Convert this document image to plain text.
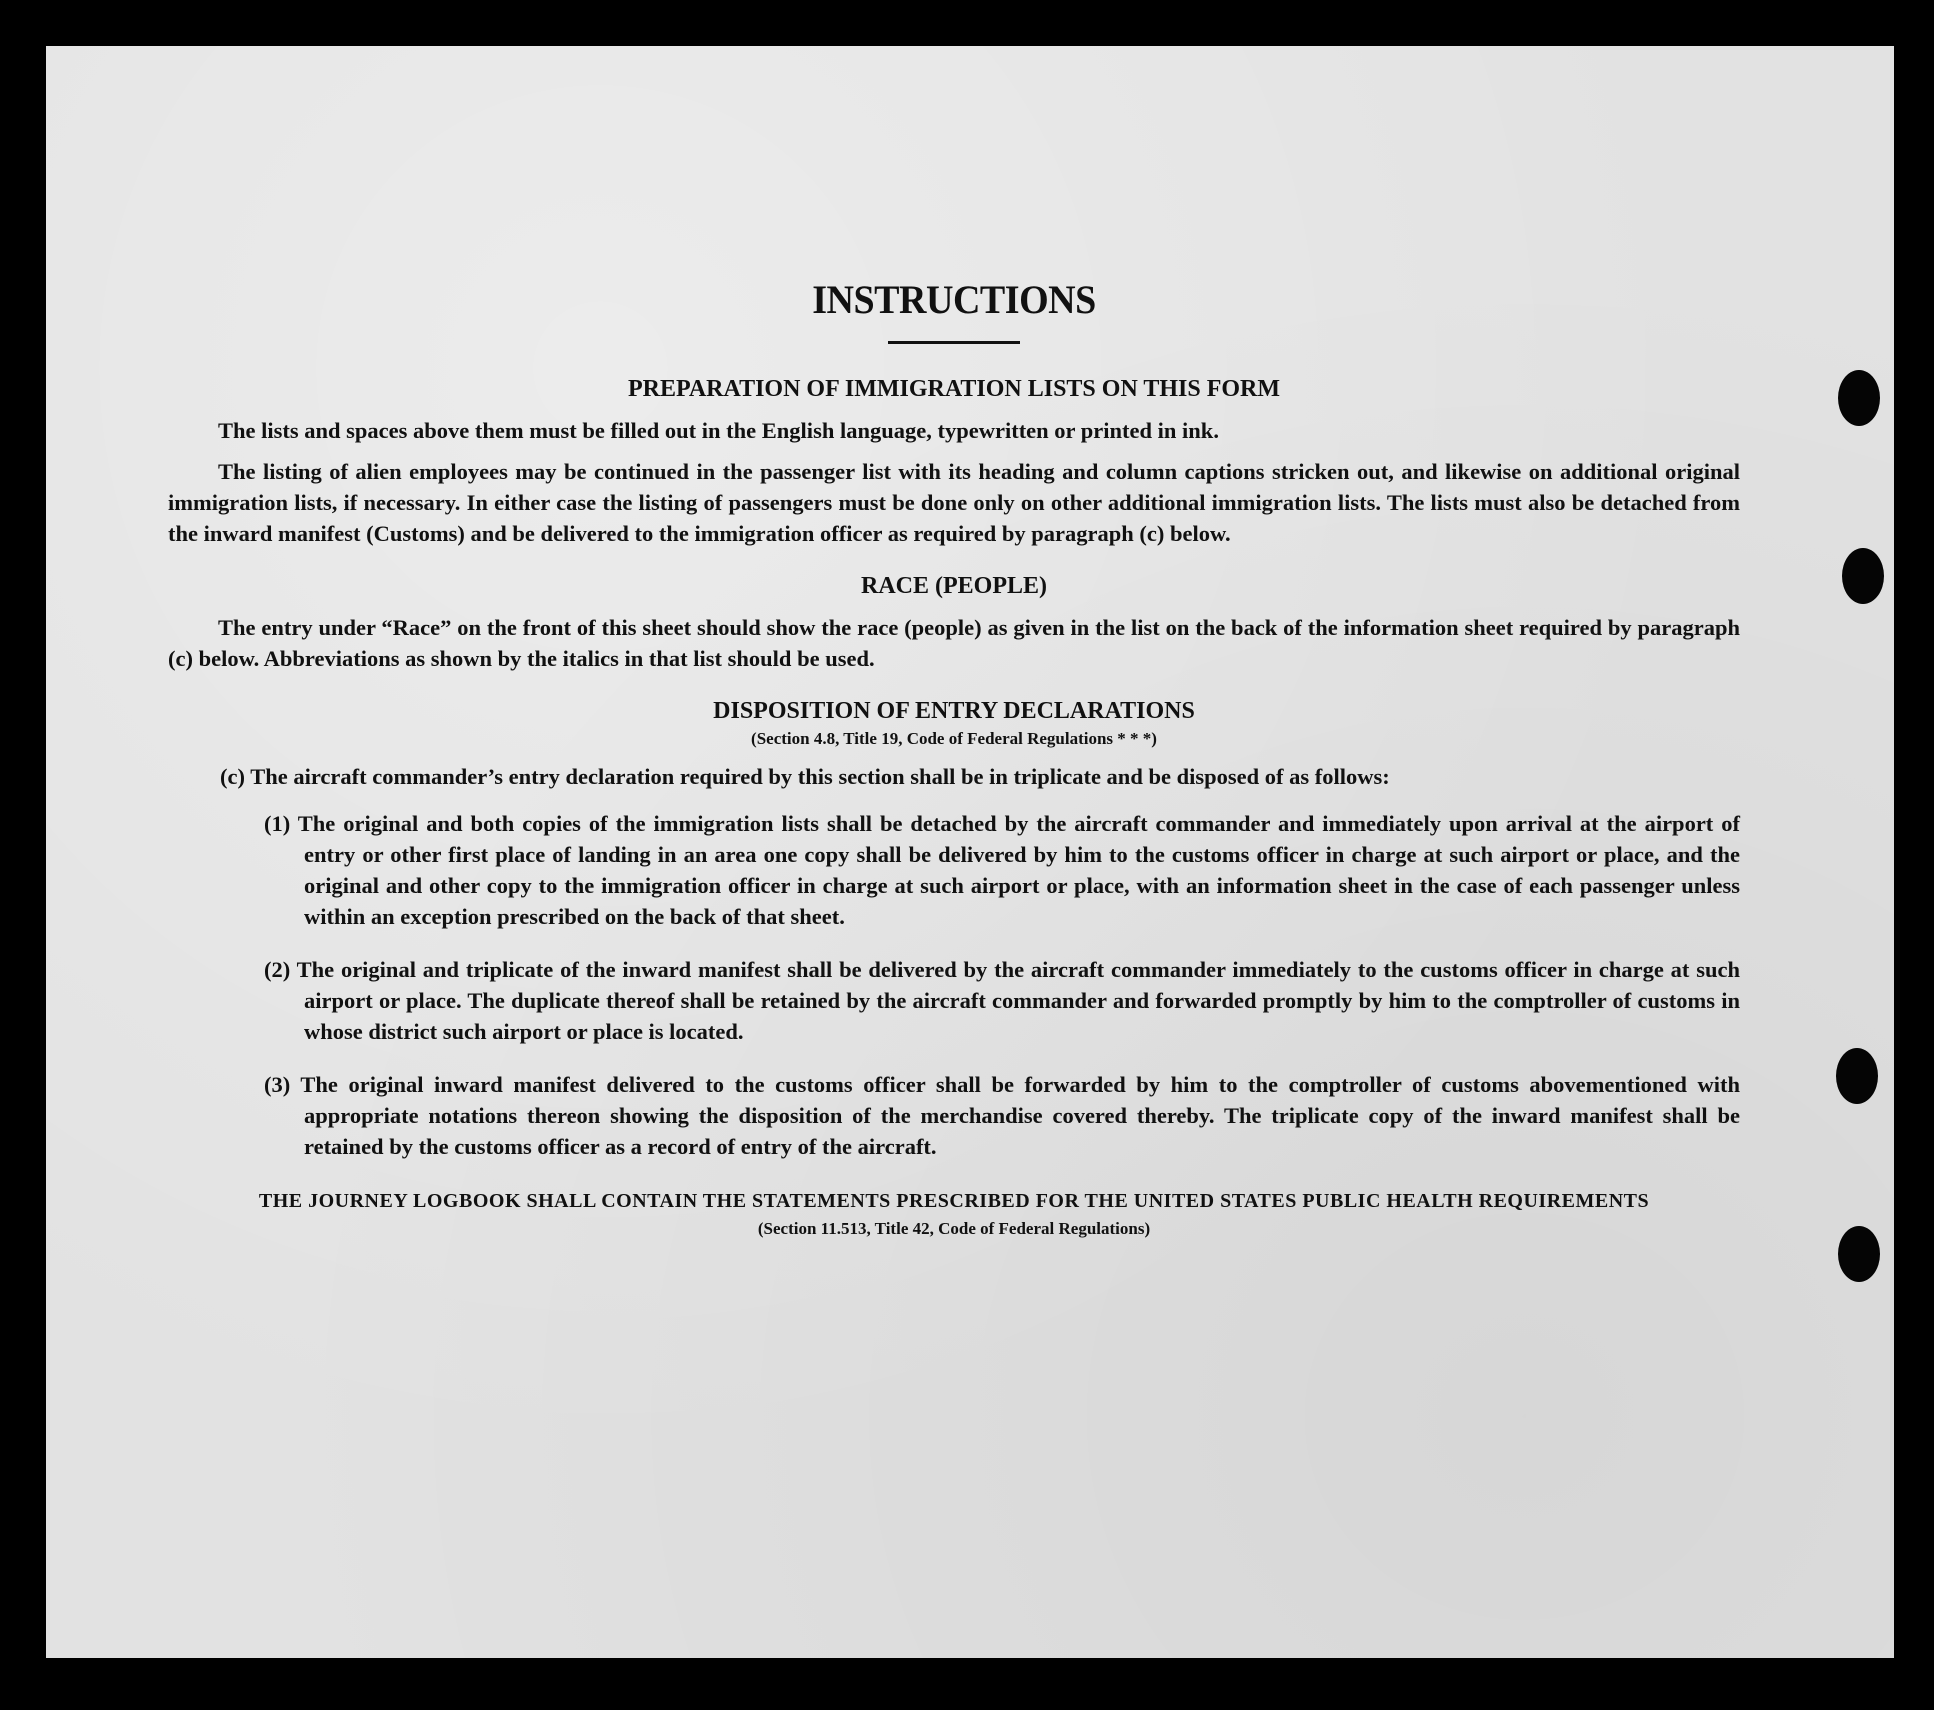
INSTRUCTIONS
PREPARATION OF IMMIGRATION LISTS ON THIS FORM

The lists and spaces above them must be filled out in the English language, typewritten or printed in ink.

The listing of alien employees may be continued in the passenger list with its heading and column captions stricken out, and likewise on additional original immigration lists, if necessary. In either case the listing of passengers must be done only on other additional immigration lists. The lists must also be detached from the inward manifest (Customs) and be delivered to the immigration officer as required by paragraph (c) below.

RACE (PEOPLE)

The entry under “Race” on the front of this sheet should show the race (people) as given in the list on the back of the information sheet required by paragraph (c) below. Abbreviations as shown by the italics in that list should be used.

DISPOSITION OF ENTRY DECLARATIONS
(Section 4.8, Title 19, Code of Federal Regulations * * *)
(c) The aircraft commander’s entry declaration required by this section shall be in triplicate and be disposed of as follows:
(1) The original and both copies of the immigration lists shall be detached by the aircraft commander and immediately upon arrival at the airport of entry or other first place of landing in an area one copy shall be delivered by him to the customs officer in charge at such airport or place, and the original and other copy to the immigration officer in charge at such airport or place, with an information sheet in the case of each passenger unless within an exception prescribed on the back of that sheet.
(2) The original and triplicate of the inward manifest shall be delivered by the aircraft commander immediately to the customs officer in charge at such airport or place. The duplicate thereof shall be retained by the aircraft commander and forwarded promptly by him to the comptroller of customs in whose district such airport or place is located.
(3) The original inward manifest delivered to the customs officer shall be forwarded by him to the comptroller of customs abovementioned with appropriate notations thereon showing the disposition of the merchandise covered thereby. The triplicate copy of the inward manifest shall be retained by the customs officer as a record of entry of the aircraft.
THE JOURNEY LOGBOOK SHALL CONTAIN THE STATEMENTS PRESCRIBED FOR THE UNITED STATES PUBLIC HEALTH REQUIREMENTS
(Section 11.513, Title 42, Code of Federal Regulations)
